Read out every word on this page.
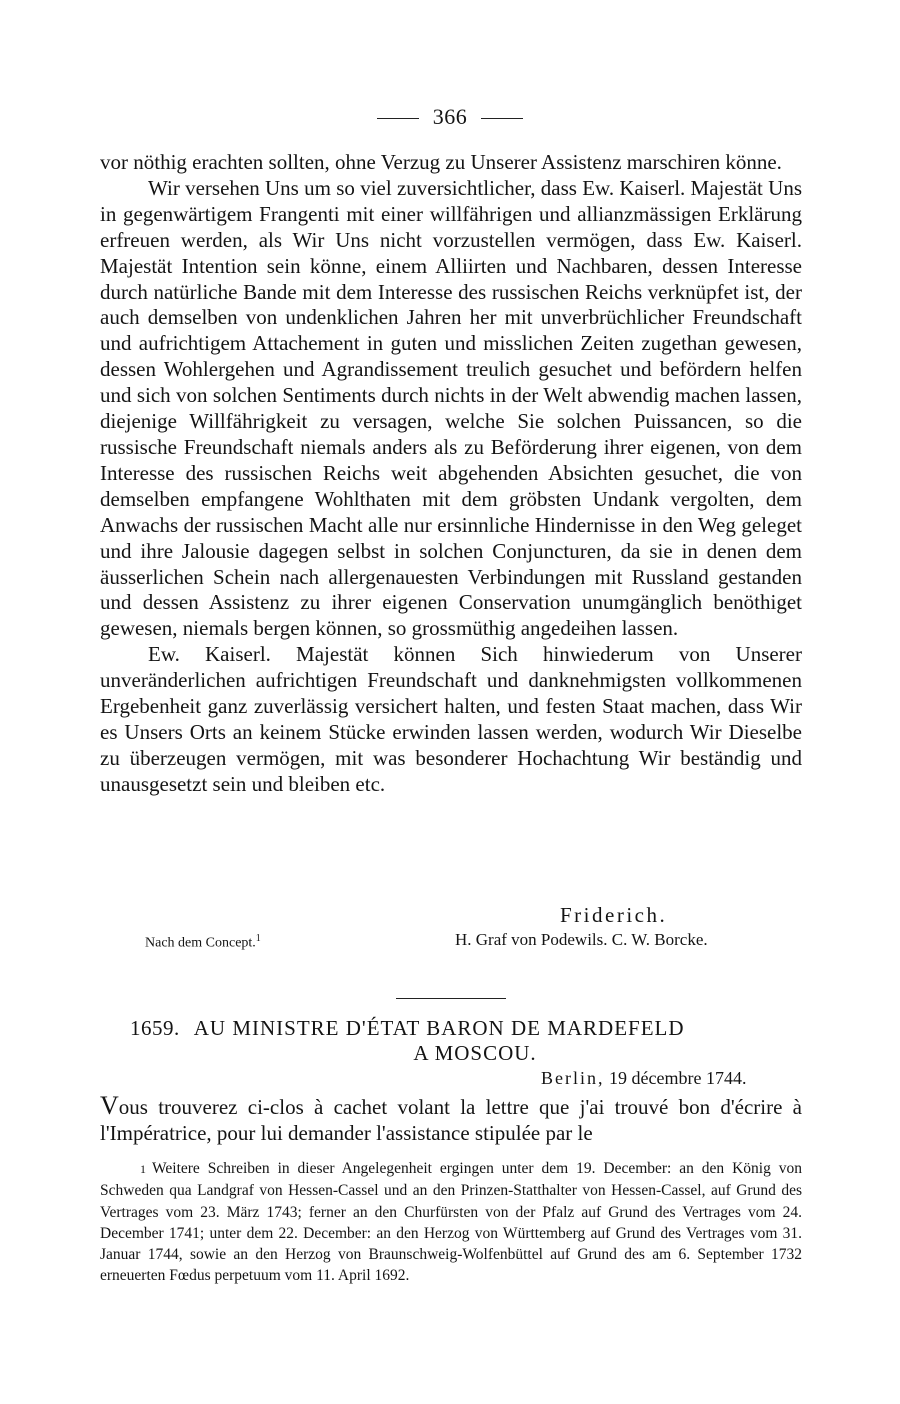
366

vor nöthig erachten sollten, ohne Verzug zu Unserer Assistenz marschiren könne.

Wir versehen Uns um so viel zuversichtlicher, dass Ew. Kaiserl. Majestät Uns in gegenwärtigem Frangenti mit einer willfährigen und allianzmässigen Erklärung erfreuen werden, als Wir Uns nicht vorzustellen vermögen, dass Ew. Kaiserl. Majestät Intention sein könne, einem Alliirten und Nachbaren, dessen Interesse durch natürliche Bande mit dem Interesse des russischen Reichs verknüpfet ist, der auch demselben von undenklichen Jahren her mit unverbrüchlicher Freundschaft und aufrichtigem Attachement in guten und misslichen Zeiten zugethan gewesen, dessen Wohlergehen und Agrandissement treulich gesuchet und befördern helfen und sich von solchen Sentiments durch nichts in der Welt abwendig machen lassen, diejenige Willfährigkeit zu versagen, welche Sie solchen Puissancen, so die russische Freundschaft niemals anders als zu Beförderung ihrer eigenen, von dem Interesse des russischen Reichs weit abgehenden Absichten gesuchet, die von demselben empfangene Wohlthaten mit dem gröbsten Undank vergolten, dem Anwachs der russischen Macht alle nur ersinnliche Hindernisse in den Weg geleget und ihre Jalousie dagegen selbst in solchen Conjuncturen, da sie in denen dem äusserlichen Schein nach allergenauesten Verbindungen mit Russland gestanden und dessen Assistenz zu ihrer eigenen Conservation unumgänglich benöthiget gewesen, niemals bergen können, so grossmüthig angedeihen lassen.

Ew. Kaiserl. Majestät können Sich hinwiederum von Unserer unveränderlichen aufrichtigen Freundschaft und danknehmigsten vollkommenen Ergebenheit ganz zuverlässig versichert halten, und festen Staat machen, dass Wir es Unsers Orts an keinem Stücke erwinden lassen werden, wodurch Wir Dieselbe zu überzeugen vermögen, mit was besonderer Hochachtung Wir beständig und unausgesetzt sein und bleiben etc.

Friderich.
Nach dem Concept.$^1$	H. Graf von Podewils. C. W. Borcke.
1659. AU MINISTRE D'ÉTAT BARON DE MARDEFELD
A MOSCOU.
Berlin, 19 décembre 1744.
Vous trouverez ci-clos à cachet volant la lettre que j'ai trouvé bon d'écrire à l'Impératrice, pour lui demander l'assistance stipulée par le
1 Weitere Schreiben in dieser Angelegenheit ergingen unter dem 19. December: an den König von Schweden qua Landgraf von Hessen-Cassel und an den Prinzen-Statthalter von Hessen-Cassel, auf Grund des Vertrages vom 23. März 1743; ferner an den Churfürsten von der Pfalz auf Grund des Vertrages vom 24. December 1741; unter dem 22. December: an den Herzog von Württemberg auf Grund des Vertrages vom 31. Januar 1744, sowie an den Herzog von Braunschweig-Wolfenbüttel auf Grund des am 6. September 1732 erneuerten Fœdus perpetuum vom 11. April 1692.
